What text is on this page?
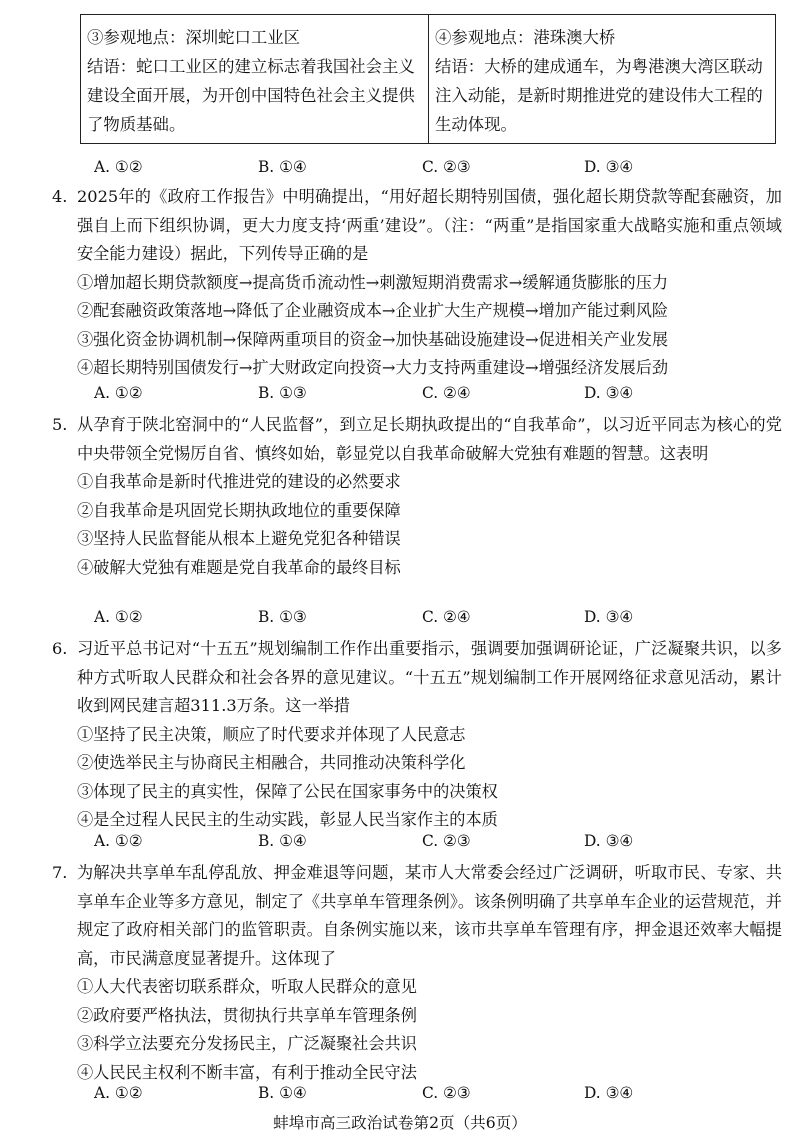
③参观地点：深圳蛇口工业区
结语：蛇口工业区的建立标志着我国社会主义建设全面开展，为开创中国特色社会主义提供了物质基础。
④参观地点：港珠澳大桥
结语：大桥的建成通车，为粤港澳大湾区联动注入动能，是新时期推进党的建设伟大工程的生动体现。
A. ①②	B. ①④	C. ②③	D. ③④
4. 2025年的《政府工作报告》中明确提出，“用好超长期特别国债，强化超长期贷款等配套融资，加强自上而下组织协调，更大力度支持‘两重’建设”。（注：“两重”是指国家重大战略实施和重点领域安全能力建设）据此，下列传导正确的是
①增加超长期贷款额度→提高货币流动性→刺激短期消费需求→缓解通货膨胀的压力
②配套融资政策落地→降低了企业融资成本→企业扩大生产规模→增加产能过剩风险
③强化资金协调机制→保障两重项目的资金→加快基础设施建设→促进相关产业发展
④超长期特别国债发行→扩大财政定向投资→大力支持两重建设→增强经济发展后劲
A. ①②	B. ①③	C. ②④	D. ③④
5. 从孕育于陕北窑洞中的“人民监督”，到立足长期执政提出的“自我革命”，以习近平同志为核心的党中央带领全党惕厉自省、慎终如始，彰显党以自我革命破解大党独有难题的智慧。这表明
①自我革命是新时代推进党的建设的必然要求
②自我革命是巩固党长期执政地位的重要保障
③坚持人民监督能从根本上避免党犯各种错误
④破解大党独有难题是党自我革命的最终目标
A. ①②	B. ①③	C. ②④	D. ③④
6. 习近平总书记对“十五五”规划编制工作作出重要指示，强调要加强调研论证，广泛凝聚共识，以多种方式听取人民群众和社会各界的意见建议。“十五五”规划编制工作开展网络征求意见活动，累计收到网民建言超311.3万条。这一举措
①坚持了民主决策，顺应了时代要求并体现了人民意志
②使选举民主与协商民主相融合，共同推动决策科学化
③体现了民主的真实性，保障了公民在国家事务中的决策权
④是全过程人民民主的生动实践，彰显人民当家作主的本质
A. ①②	B. ①④	C. ②③	D. ③④
7. 为解决共享单车乱停乱放、押金难退等问题，某市人大常委会经过广泛调研，听取市民、专家、共享单车企业等多方意见，制定了《共享单车管理条例》。该条例明确了共享单车企业的运营规范，并规定了政府相关部门的监管职责。自条例实施以来，该市共享单车管理有序，押金退还效率大幅提高，市民满意度显著提升。这体现了
①人大代表密切联系群众，听取人民群众的意见
②政府要严格执法，贯彻执行共享单车管理条例
③科学立法要充分发扬民主，广泛凝聚社会共识
④人民民主权利不断丰富，有利于推动全民守法
A. ①②	B. ①④	C. ②③	D. ③④
蚌埠市高三政治试卷第2页（共6页）
